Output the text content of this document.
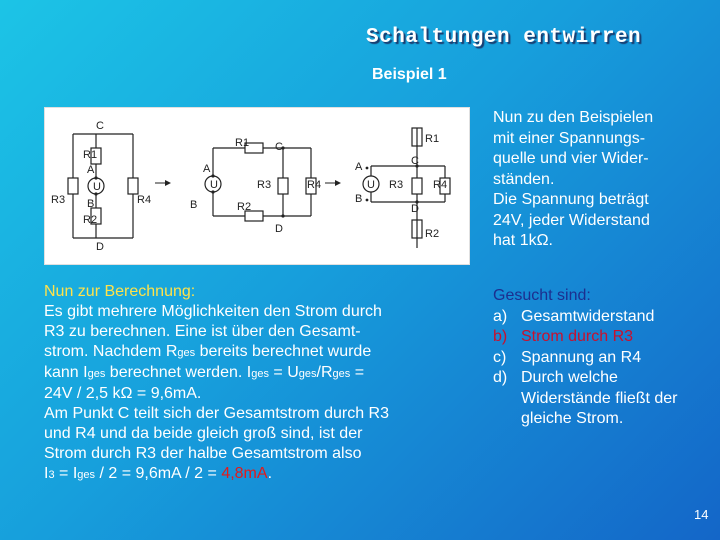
Schaltungen entwirren
Beispiel 1
C
R1
A
U
B
R2
D
R3	R4
R1 C
A
U
B	R2
R3	R4
D
R1
C
A
U
B
R3	R4
D
R2
Nun zu den Beispielen
mit einer Spannungs-
quelle und vier Wider-
ständen.
Die Spannung beträgt
24V, jeder Widerstand
hat 1kΩ.
Nun zur Berechnung:
Es gibt mehrere Möglichkeiten den Strom durch
R3 zu berechnen. Eine ist über den Gesamt-
strom. Nachdem Rges bereits berechnet wurde
kann Iges berechnet werden. Iges = Uges/Rges =
24V / 2,5 kΩ = 9,6mA.
Am Punkt C teilt sich der Gesamtstrom durch R3
und R4 und da beide gleich groß sind, ist der
Strom durch R3 der halbe Gesamtstrom also
I3 = Iges / 2 = 9,6mA / 2 = 4,8mA.
Gesucht sind:
a) Gesamtwiderstand
b) Strom durch R3
c) Spannung an R4
d) Durch welche Widerstände fließt der gleiche Strom.
14
